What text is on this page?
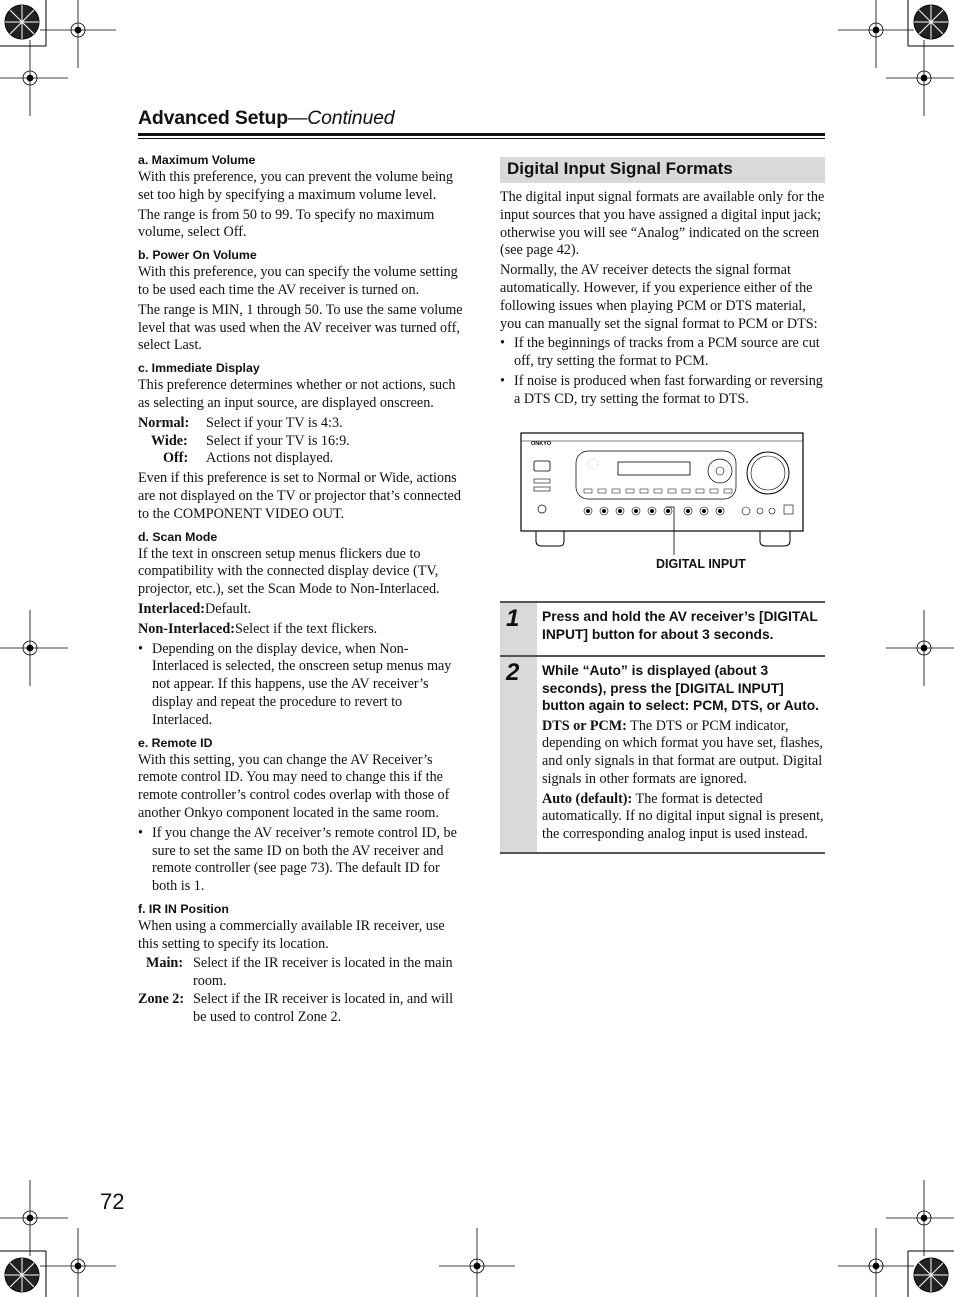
Advanced Setup—Continued

a. Maximum Volume

With this preference, you can prevent the volume being set too high by specifying a maximum volume level.

The range is from 50 to 99. To specify no maximum volume, select Off.

b. Power On Volume

With this preference, you can specify the volume setting to be used each time the AV receiver is turned on.

The range is MIN, 1 through 50. To use the same volume level that was used when the AV receiver was turned off, select Last.

c. Immediate Display

This preference determines whether or not actions, such as selecting an input source, are displayed onscreen.

Normal:	Select if your TV is 4:3.
Wide:	Select if your TV is 16:9.
Off:	Actions not displayed.

Even if this preference is set to Normal or Wide, actions are not displayed on the TV or projector that’s connected to the COMPONENT VIDEO OUT.

d. Scan Mode

If the text in onscreen setup menus flickers due to compatibility with the connected display device (TV, projector, etc.), set the Scan Mode to Non-Interlaced.

Interlaced:Default.

Non-Interlaced:Select if the text flickers.

• Depending on the display device, when Non-Interlaced is selected, the onscreen setup menus may not appear. If this happens, use the AV receiver’s display and repeat the procedure to revert to Interlaced.

e. Remote ID

With this setting, you can change the AV Receiver’s remote control ID. You may need to change this if the remote controller’s control codes overlap with those of another Onkyo component located in the same room.

• If you change the AV receiver’s remote control ID, be sure to set the same ID on both the AV receiver and remote controller (see page 73). The default ID for both is 1.

f. IR IN Position

When using a commercially available IR receiver, use this setting to specify its location.

Main: Select if the IR receiver is located in the main room.
Zone 2: Select if the IR receiver is located in, and will be used to control Zone 2.
Digital Input Signal Formats

The digital input signal formats are available only for the input sources that you have assigned a digital input jack; otherwise you will see “Analog” indicated on the screen (see page 42).

Normally, the AV receiver detects the signal format automatically. However, if you experience either of the following issues when playing PCM or DTS material, you can manually set the signal format to PCM or DTS:

• If the beginnings of tracks from a PCM source are cut off, try setting the format to PCM.

• If noise is produced when fast forwarding or reversing a DTS CD, try setting the format to DTS.

ONKYO
DIGITAL INPUT
1	Press and hold the AV receiver’s [DIGITAL INPUT] button for about 3 seconds.
2	While “Auto” is displayed (about 3 seconds), press the [DIGITAL INPUT] button again to select: PCM, DTS, or Auto.
DTS or PCM: The DTS or PCM indicator, depending on which format you have set, flashes, and only signals in that format are output. Digital signals in other formats are ignored.
Auto (default): The format is detected automatically. If no digital input signal is present, the corresponding analog input is used instead.
72
